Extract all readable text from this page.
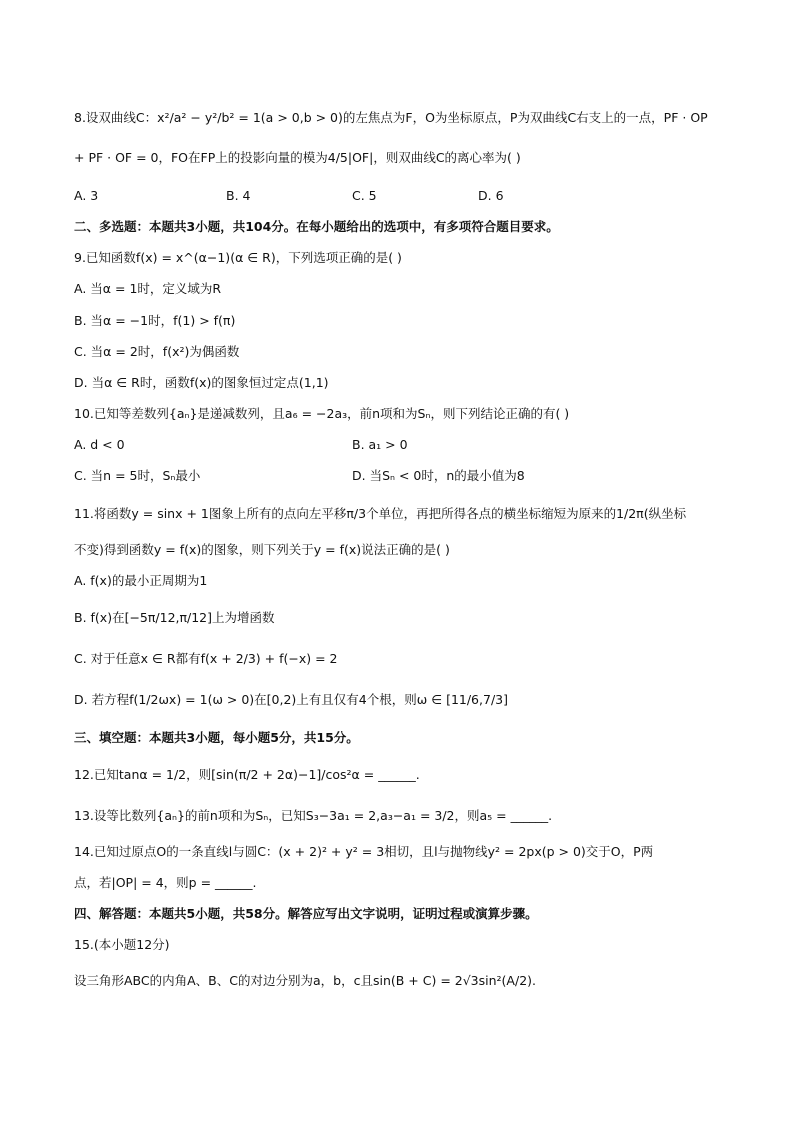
8.设双曲线C：x²/a² − y²/b² = 1(a > 0,b > 0)的左焦点为F，O为坐标原点，P为双曲线C右支上的一点，PF · OP
+ PF · OF = 0，FO在FP上的投影向量的模为4/5|OF|，则双曲线C的离心率为( )
A. 3	B. 4	C. 5	D. 6
二、多选题：本题共3小题，共104分。在每小题给出的选项中，有多项符合题目要求。
9.已知函数f(x) = x^(α−1)(α ∈ R)，下列选项正确的是( )
A. 当α = 1时，定义域为R
B. 当α = −1时，f(1) > f(π)
C. 当α = 2时，f(x²)为偶函数
D. 当α ∈ R时，函数f(x)的图象恒过定点(1,1)
10.已知等差数列{aₙ}是递减数列，且a₆ = −2a₃，前n项和为Sₙ，则下列结论正确的有( )
A. d < 0	B. a₁ > 0
C. 当n = 5时，Sₙ最小	D. 当Sₙ < 0时，n的最小值为8
11.将函数y = sinx + 1图象上所有的点向左平移π/3个单位，再把所得各点的横坐标缩短为原来的1/2π(纵坐标
不变)得到函数y = f(x)的图象，则下列关于y = f(x)说法正确的是( )
A. f(x)的最小正周期为1
B. f(x)在[−5π/12,π/12]上为增函数
C. 对于任意x ∈ R都有f(x + 2/3) + f(−x) = 2
D. 若方程f(1/2ωx) = 1(ω > 0)在[0,2)上有且仅有4个根，则ω ∈ [11/6,7/3]
三、填空题：本题共3小题，每小题5分，共15分。
12.已知tanα = 1/2，则[sin(π/2 + 2α)−1]/cos²α = ______.
13.设等比数列{aₙ}的前n项和为Sₙ，已知S₃−3a₁ = 2,a₃−a₁ = 3/2，则a₅ = ______.
14.已知过原点O的一条直线l与圆C：(x + 2)² + y² = 3相切，且l与抛物线y² = 2px(p > 0)交于O，P两
点，若|OP| = 4，则p = ______.
四、解答题：本题共5小题，共58分。解答应写出文字说明，证明过程或演算步骤。
15.(本小题12分)
设三角形ABC的内角A、B、C的对边分别为a，b，c且sin(B + C) = 2√3sin²(A/2).
